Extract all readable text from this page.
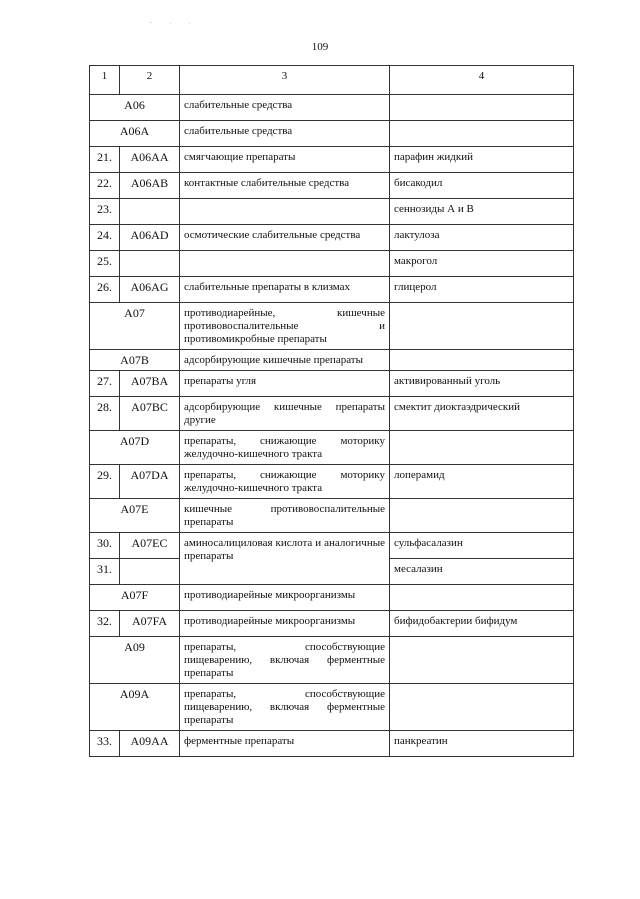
- . .
109
1	2	3	4
A06		слабительные средства	
A06A		слабительные средства	
21.	A06AA	смягчающие препараты	парафин жидкий
22.	A06AB	контактные слабительные средства	бисакодил
23.			сеннозиды А и В
24.	A06AD	осмотические слабительные средства	лактулоза
25.			макрогол
26.	A06AG	слабительные препараты в клизмах	глицерол
A07		противодиарейные, кишечные противовоспалительные и противомикробные препараты	
A07B		адсорбирующие кишечные препараты	
27.	A07BA	препараты угля	активированный уголь
28.	A07BC	адсорбирующие кишечные препараты другие	смектит диоктаэдрический
A07D		препараты, снижающие моторику желудочно-кишечного тракта	
29.	A07DA	препараты, снижающие моторику желудочно-кишечного тракта	лоперамид
A07E		кишечные противовоспалительные препараты	
30.	A07EC	аминосалициловая кислота и аналогичные препараты	сульфасалазин
31.			месалазин
A07F		противодиарейные микроорганизмы	
32.	A07FA	противодиарейные микроорганизмы	бифидобактерии бифидум
A09		препараты, способствующие пищеварению, включая ферментные препараты	
A09A		препараты, способствующие пищеварению, включая ферментные препараты	
33.	A09AA	ферментные препараты	панкреатин
